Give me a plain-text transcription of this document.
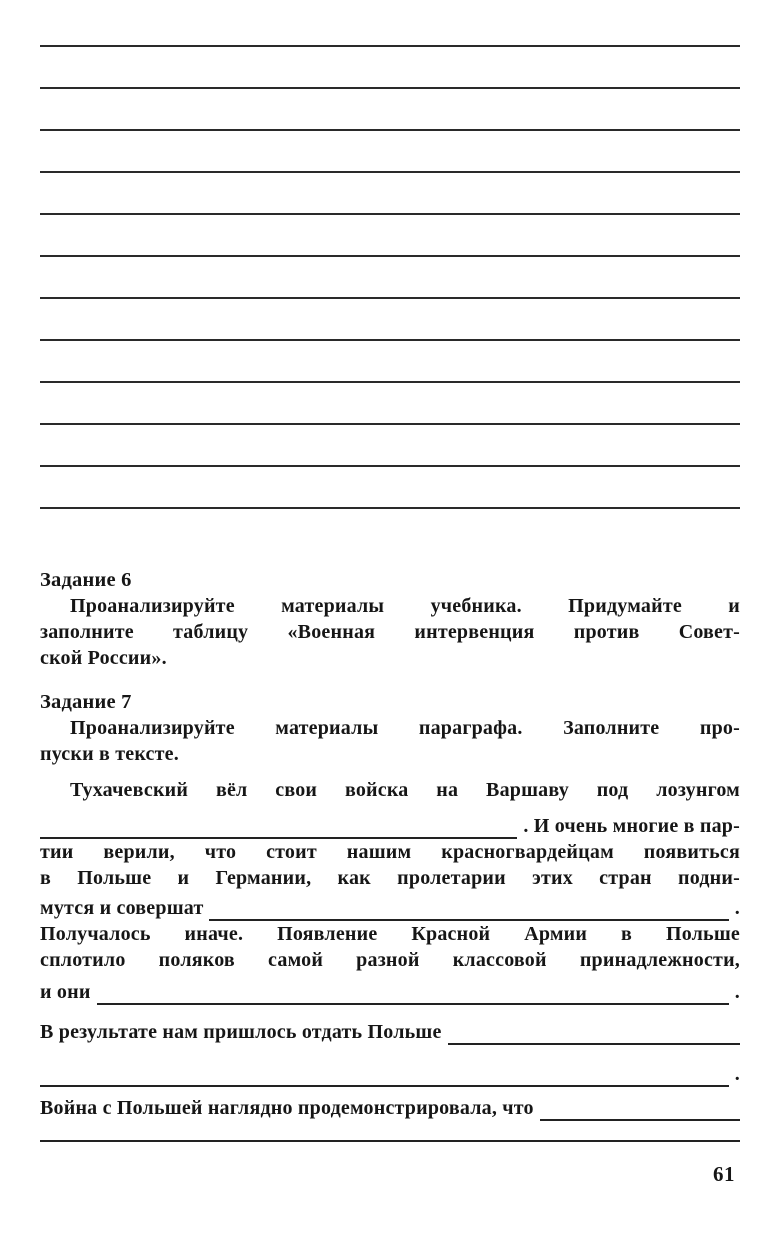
Задание 6
Проанализируйте материалы учебника. Придумайте и
заполните таблицу «Военная интервенция против Совет-
ской России».
Задание 7
Проанализируйте материалы параграфа. Заполните про-
пуски в тексте.
Тухачевский вёл свои войска на Варшаву под лозунгом
. И очень многие в пар-
тии верили, что стоит нашим красногвардейцам появиться
в Польше и Германии, как пролетарии этих стран подни-
мутся и совершат	.
Получалось иначе. Появление Красной Армии в Польше
сплотило поляков самой разной классовой принадлежности,
и они	.
В результате нам пришлось отдать Польше
.
Война с Польшей наглядно продемонстрировала, что
61
